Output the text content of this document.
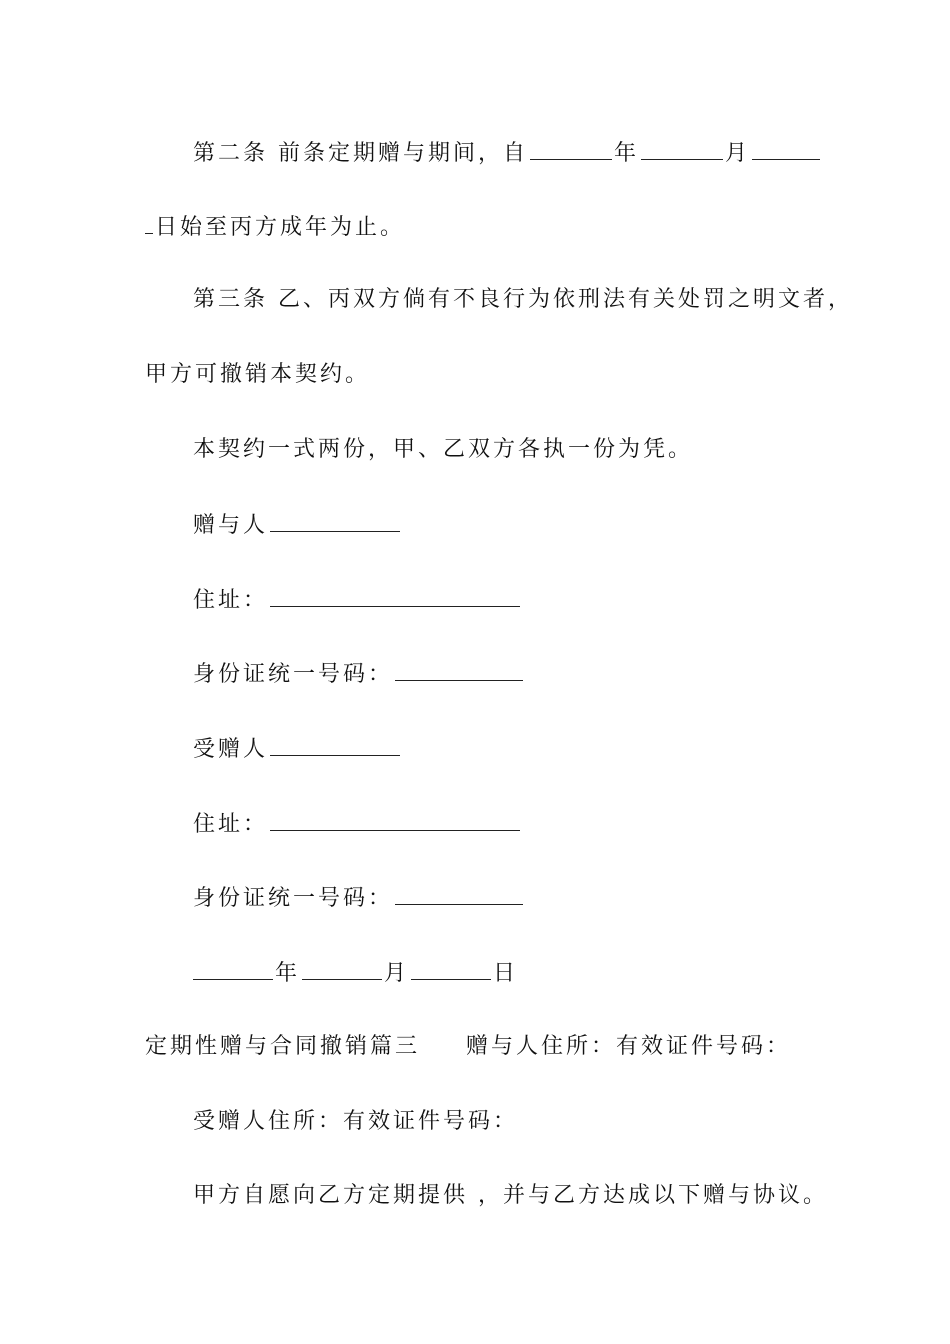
第二条 前条定期赠与期间，自	年	月
日始至丙方成年为止。
第三条 乙、丙双方倘有不良行为依刑法有关处罚之明文者，
甲方可撤销本契约。
本契约一式两份，甲、乙双方各执一份为凭。
赠与人
住址：
身份证统一号码：
受赠人
住址：
身份证统一号码：
年	月	日
定期性赠与合同撤销篇三 赠与人住所：有效证件号码：
受赠人住所：有效证件号码：
甲方自愿向乙方定期提供 ，并与乙方达成以下赠与协议。
